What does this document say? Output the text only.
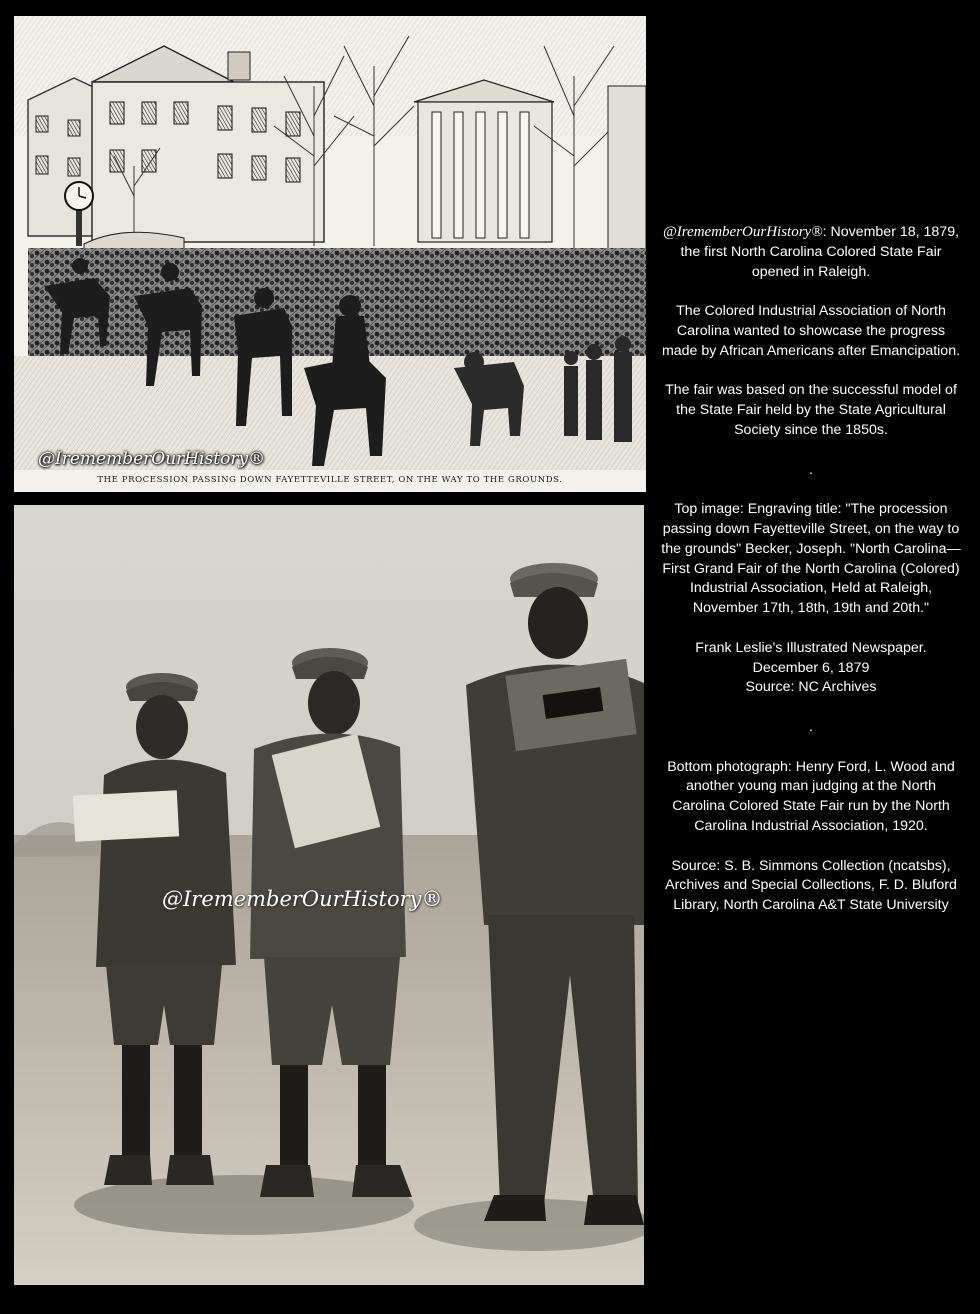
@IrememberOurHistory®
THE PROCESSION PASSING DOWN FAYETTEVILLE STREET, ON THE WAY TO THE GROUNDS.
@IrememberOurHistory®

@IrememberOurHistory®: November 18, 1879, the first North Carolina Colored State Fair opened in Raleigh.

The Colored Industrial Association of North Carolina wanted to showcase the progress made by African Americans after Emancipation.

The fair was based on the successful model of the State Fair held by the State Agricultural Society since the 1850s.

.

Top image: Engraving title: "The procession passing down Fayetteville Street, on the way to the grounds" Becker, Joseph. "North Carolina—First Grand Fair of the North Carolina (Colored) Industrial Association, Held at Raleigh, November 17th, 18th, 19th and 20th."

Frank Leslie's Illustrated Newspaper.
December 6, 1879
Source: NC Archives

.

Bottom photograph: Henry Ford, L. Wood and another young man judging at the North Carolina Colored State Fair run by the North Carolina Industrial Association, 1920.

Source: S. B. Simmons Collection (ncatsbs), Archives and Special Collections, F. D. Bluford Library, North Carolina A&T State University
